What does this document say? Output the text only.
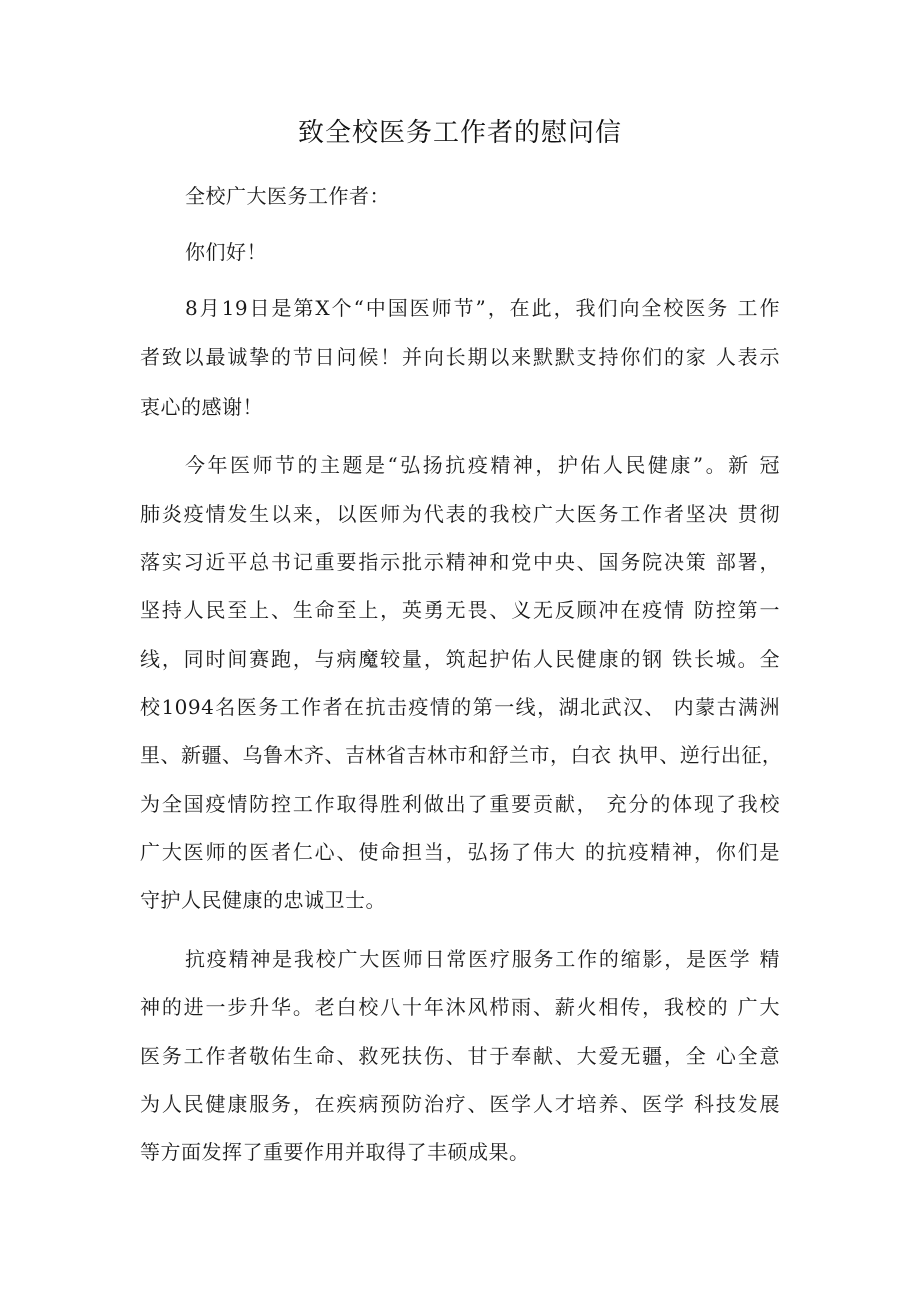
致全校医务工作者的慰问信
全校广大医务工作者：
你们好！
8月19日是第X个“中国医师节”，在此，我们向全校医务 工作
者致以最诚挚的节日问候！并向长期以来默默支持你们的家 人表示
衷心的感谢！
今年医师节的主题是“弘扬抗疫精神，护佑人民健康”。新 冠
肺炎疫情发生以来，以医师为代表的我校广大医务工作者坚决 贯彻
落实习近平总书记重要指示批示精神和党中央、国务院决策 部署，
坚持人民至上、生命至上，英勇无畏、义无反顾冲在疫情 防控第一
线，同时间赛跑，与病魔较量，筑起护佑人民健康的钢 铁长城。全
校1094名医务工作者在抗击疫情的第一线，湖北武汉、 内蒙古满洲
里、新疆、乌鲁木齐、吉林省吉林市和舒兰市，白衣 执甲、逆行出征，
为全国疫情防控工作取得胜利做出了重要贡献， 充分的体现了我校
广大医师的医者仁心、使命担当，弘扬了伟大 的抗疫精神，你们是
守护人民健康的忠诚卫士。
抗疫精神是我校广大医师日常医疗服务工作的缩影，是医学 精
神的进一步升华。老白校八十年沐风栉雨、薪火相传，我校的 广大
医务工作者敬佑生命、救死扶伤、甘于奉献、大爱无疆，全 心全意
为人民健康服务，在疾病预防治疗、医学人才培养、医学 科技发展
等方面发挥了重要作用并取得了丰硕成果。
